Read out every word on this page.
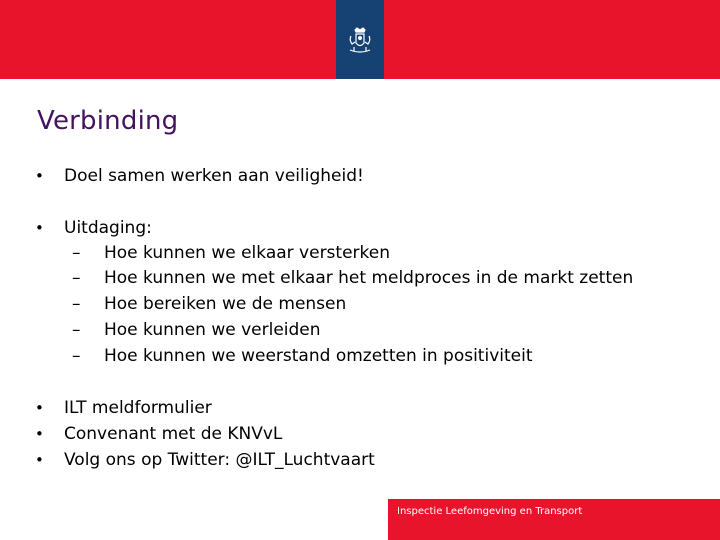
Verbinding
• Doel samen werken aan veiligheid!
• Uitdaging:
– Hoe kunnen we elkaar versterken
– Hoe kunnen we met elkaar het meldproces in de markt zetten
– Hoe bereiken we de mensen
– Hoe kunnen we verleiden
– Hoe kunnen we weerstand omzetten in positiviteit
• ILT meldformulier
• Convenant met de KNVvL
• Volg ons op Twitter: @ILT_Luchtvaart
Inspectie Leefomgeving en Transport
